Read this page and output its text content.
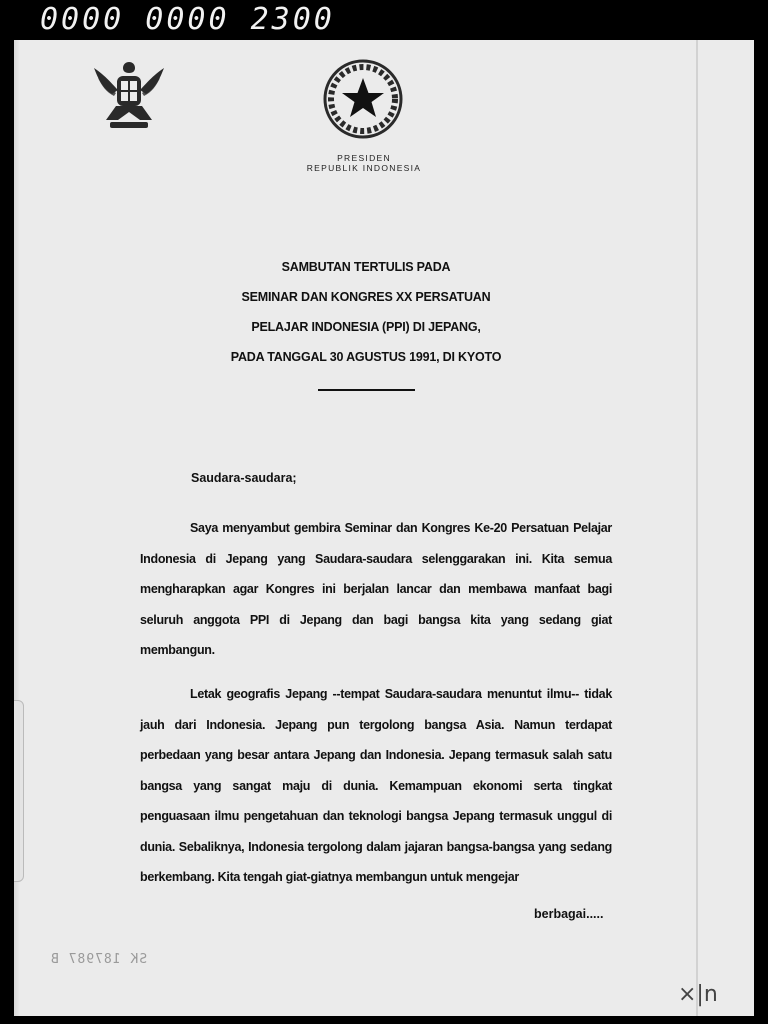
0000 0000 2300
PRESIDEN
REPUBLIK INDONESIA
SAMBUTAN TERTULIS PADA
SEMINAR DAN KONGRES XX PERSATUAN
PELAJAR INDONESIA (PPI) DI JEPANG,
PADA TANGGAL 30 AGUSTUS 1991, DI KYOTO
Saudara-saudara;
Saya menyambut gembira Seminar dan Kongres Ke-20 Persatuan Pelajar Indonesia di Jepang yang Saudara-saudara selenggarakan ini. Kita semua mengharapkan agar Kongres ini berjalan lancar dan membawa manfaat bagi seluruh anggota PPI di Jepang dan bagi bangsa kita yang sedang giat membangun.
Letak geografis Jepang --tempat Saudara-saudara menuntut ilmu-- tidak jauh dari Indonesia. Jepang pun tergolong bangsa Asia. Namun terdapat perbedaan yang besar antara Jepang dan Indonesia. Jepang termasuk salah satu bangsa yang sangat maju di dunia. Kemampuan ekonomi serta tingkat penguasaan ilmu pengetahuan dan teknologi bangsa Jepang termasuk unggul di dunia. Sebaliknya, Indonesia tergolong dalam jajaran bangsa-bangsa yang sedang berkembang. Kita tengah giat-giatnya membangun untuk mengejar
berbagai.....
SK 187987 B
×|n
